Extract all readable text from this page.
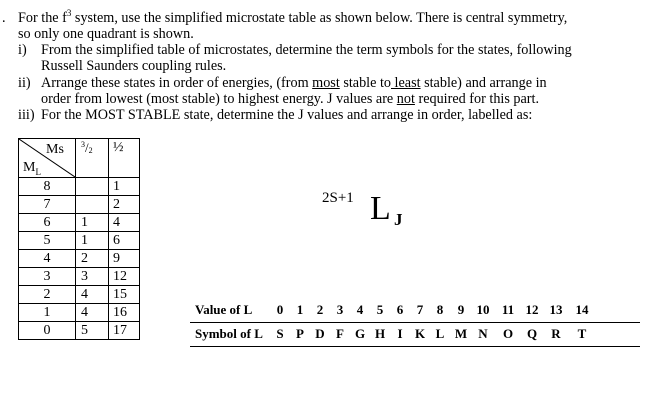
. For the $f^3$ system, use the simplified microstate table as shown below. There is central symmetry,
so only one quadrant is shown.
i) From the simplified table of microstates, determine the term symbols for the states, following
Russell Saunders coupling rules.
ii) Arrange these states in order of energies, (from most stable to least stable) and arrange in
order from lowest (most stable) to highest energy. J values are not required for this part.
iii) For the MOST STABLE state, determine the J values and arrange in order, labelled as:
Ms
$M_L$	$^3/_2$	½
8		1
7		2
6	1	4
5	1	6
4	2	9
3	3	12
2	4	15
1	4	16
0	5	17
2S+1 L J
Value of L	0	1	2	3	4	5	6	7	8	9 10 11 12 13 14
Symbol of L	S P D F G H I K L M N	O	Q	R	T
